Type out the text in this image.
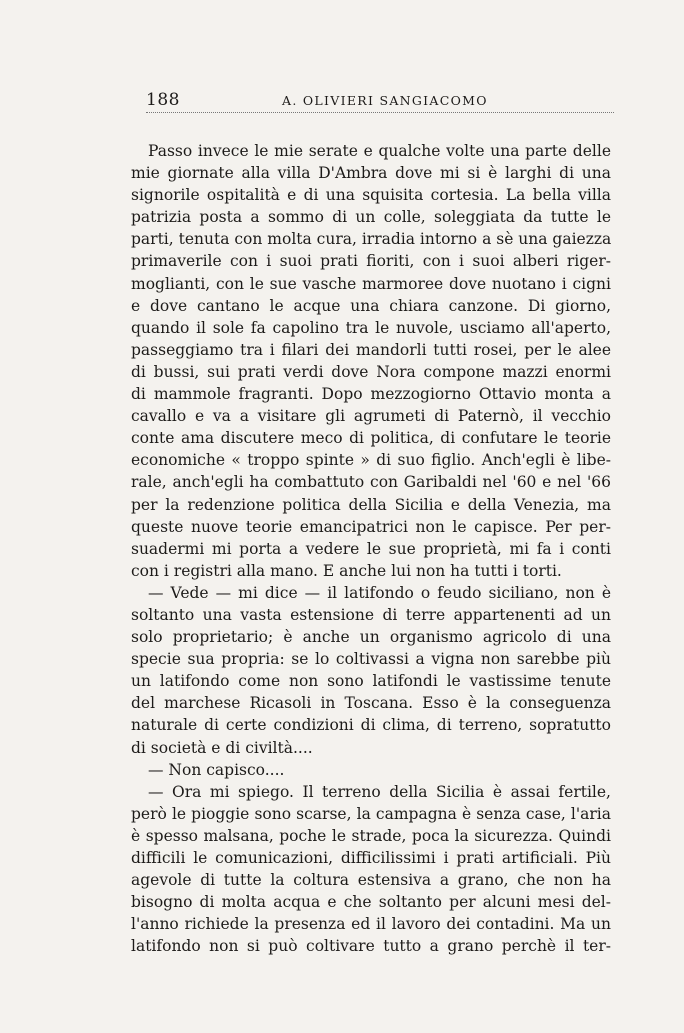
188	A. OLIVIERI SANGIACOMO
Passo invece le mie serate e qualche volte una parte delle
mie giornate alla villa D'Ambra dove mi si è larghi di una
signorile ospitalità e di una squisita cortesia. La bella villa
patrizia posta a sommo di un colle, soleggiata da tutte le
parti, tenuta con molta cura, irradia intorno a sè una gaiezza
primaverile con i suoi prati fioriti, con i suoi alberi riger-
moglianti, con le sue vasche marmoree dove nuotano i cigni
e dove cantano le acque una chiara canzone. Di giorno,
quando il sole fa capolino tra le nuvole, usciamo all'aperto,
passeggiamo tra i filari dei mandorli tutti rosei, per le alee
di bussi, sui prati verdi dove Nora compone mazzi enormi
di mammole fragranti. Dopo mezzogiorno Ottavio monta a
cavallo e va a visitare gli agrumeti di Paternò, il vecchio
conte ama discutere meco di politica, di confutare le teorie
economiche « troppo spinte » di suo figlio. Anch'egli è libe-
rale, anch'egli ha combattuto con Garibaldi nel '60 e nel '66
per la redenzione politica della Sicilia e della Venezia, ma
queste nuove teorie emancipatrici non le capisce. Per per-
suadermi mi porta a vedere le sue proprietà, mi fa i conti
con i registri alla mano. E anche lui non ha tutti i torti.
— Vede — mi dice — il latifondo o feudo siciliano, non è
soltanto una vasta estensione di terre appartenenti ad un
solo proprietario; è anche un organismo agricolo di una
specie sua propria: se lo coltivassi a vigna non sarebbe più
un latifondo come non sono latifondi le vastissime tenute
del marchese Ricasoli in Toscana. Esso è la conseguenza
naturale di certe condizioni di clima, di terreno, sopratutto
di società e di civiltà....
— Non capisco....
— Ora mi spiego. Il terreno della Sicilia è assai fertile,
però le pioggie sono scarse, la campagna è senza case, l'aria
è spesso malsana, poche le strade, poca la sicurezza. Quindi
difficili le comunicazioni, difficilissimi i prati artificiali. Più
agevole di tutte la coltura estensiva a grano, che non ha
bisogno di molta acqua e che soltanto per alcuni mesi del-
l'anno richiede la presenza ed il lavoro dei contadini. Ma un
latifondo non si può coltivare tutto a grano perchè il ter-
